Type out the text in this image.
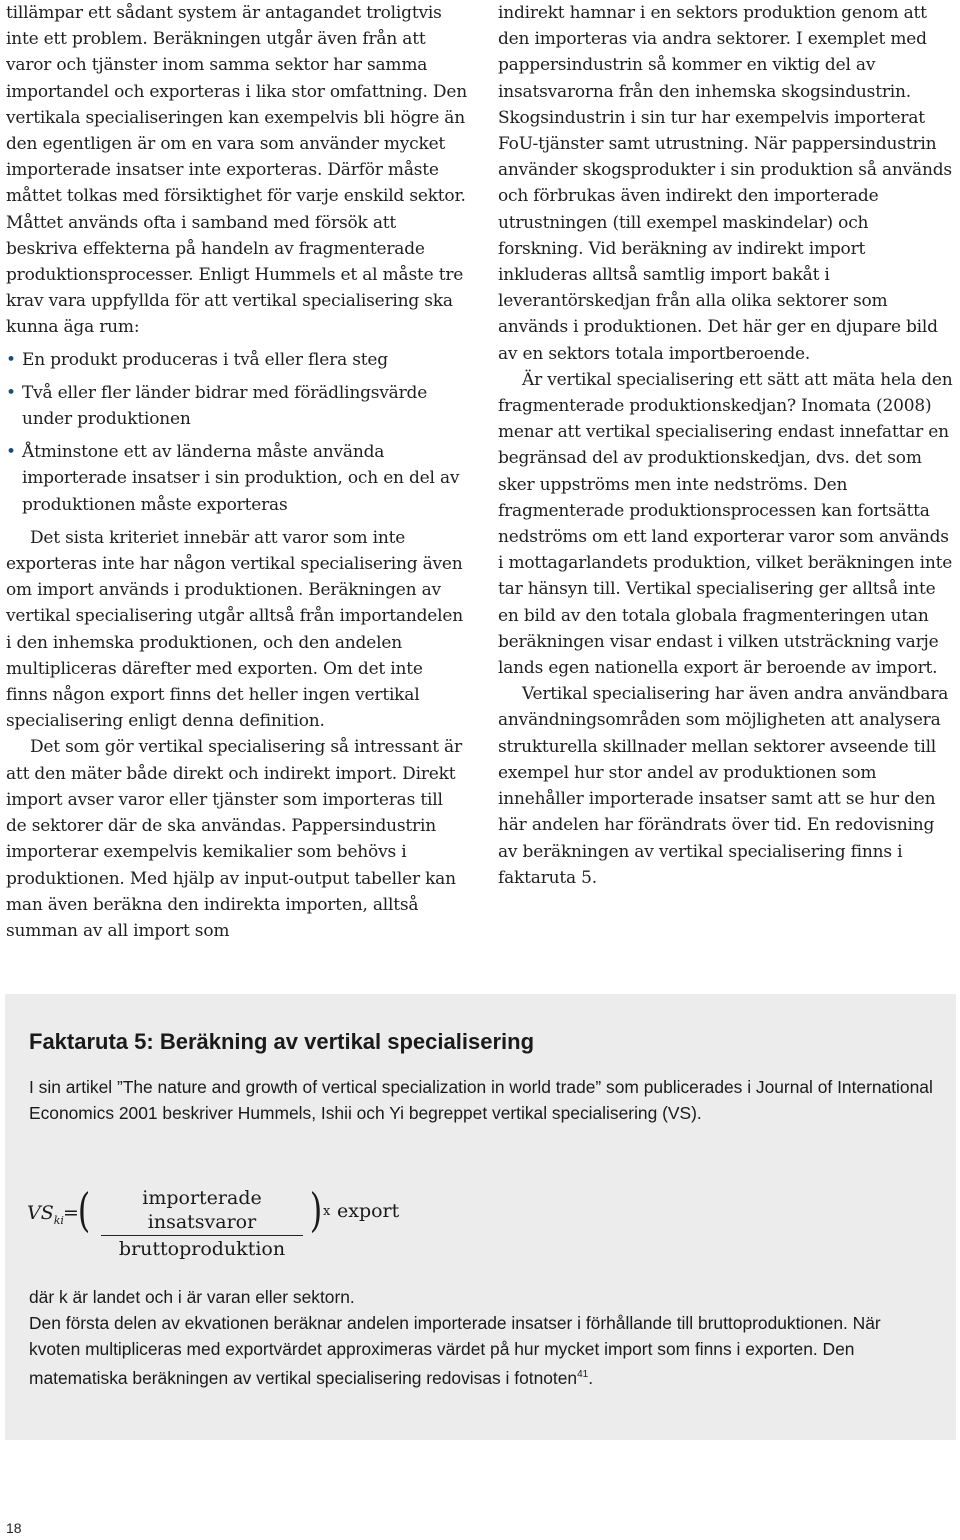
tillämpar ett sådant system är antagandet troligtvis inte ett problem. Beräkningen utgår även från att varor och tjänster inom samma sektor har samma importandel och exporteras i lika stor omfattning. Den vertikala specialiseringen kan exempelvis bli högre än den egentligen är om en vara som använder mycket importerade insatser inte exporteras. Därför måste måttet tolkas med försiktighet för varje enskild sektor. Måttet används ofta i samband med försök att beskriva effekterna på handeln av fragmenterade produktionsprocesser. Enligt Hummels et al måste tre krav vara uppfyllda för att vertikal specialisering ska kunna äga rum:

• En produkt produceras i två eller flera steg
• Två eller fler länder bidrar med förädlingsvärde under produktionen
• Åtminstone ett av länderna måste använda importerade insatser i sin produktion, och en del av produktionen måste exporteras

Det sista kriteriet innebär att varor som inte exporteras inte har någon vertikal specialisering även om import används i produktionen. Beräkningen av vertikal specialisering utgår alltså från importandelen i den inhemska produktionen, och den andelen multipliceras därefter med exporten. Om det inte finns någon export finns det heller ingen vertikal specialisering enligt denna definition.

Det som gör vertikal specialisering så intressant är att den mäter både direkt och indirekt import. Direkt import avser varor eller tjänster som importeras till de sektorer där de ska användas. Pappersindustrin importerar exempelvis kemikalier som behövs i produktionen. Med hjälp av input-output tabeller kan man även beräkna den indirekta importen, alltså summan av all import som

indirekt hamnar i en sektors produktion genom att den importeras via andra sektorer. I exemplet med pappersindustrin så kommer en viktig del av insatsvarorna från den inhemska skogsindustrin. Skogsindustrin i sin tur har exempelvis importerat FoU-tjänster samt utrustning. När pappersindustrin använder skogsprodukter i sin produktion så används och förbrukas även indirekt den importerade utrustningen (till exempel maskindelar) och forskning. Vid beräkning av indirekt import inkluderas alltså samtlig import bakåt i leverantörskedjan från alla olika sektorer som används i produktionen. Det här ger en djupare bild av en sektors totala importberoende.

Är vertikal specialisering ett sätt att mäta hela den fragmenterade produktionskedjan? Inomata (2008) menar att vertikal specialisering endast innefattar en begränsad del av produktionskedjan, dvs. det som sker uppströms men inte nedströms. Den fragmenterade produktionsprocessen kan fortsätta nedströms om ett land exporterar varor som används i mottagarlandets produktion, vilket beräkningen inte tar hänsyn till. Vertikal specialisering ger alltså inte en bild av den totala globala fragmenteringen utan beräkningen visar endast i vilken utsträckning varje lands egen nationella export är beroende av import.

Vertikal specialisering har även andra användbara användningsområden som möjligheten att analysera strukturella skillnader mellan sektorer avseende till exempel hur stor andel av produktionen som innehåller importerade insatser samt att se hur den här andelen har förändrats över tid. En redovisning av beräkningen av vertikal specialisering finns i faktaruta 5.

Faktaruta 5: Beräkning av vertikal specialisering

I sin artikel ”The nature and growth of vertical specialization in world trade” som publicerades i Journal of International Economics 2001 beskriver Hummels, Ishii och Yi begreppet vertikal specialisering (VS).

$VS_{ki}$ =
(	importerade insatsvaror
bruttoproduktion
) x export

där k är landet och i är varan eller sektorn.

Den första delen av ekvationen beräknar andelen importerade insatser i förhållande till bruttoproduktionen. När kvoten multipliceras med exportvärdet approximeras värdet på hur mycket import som finns i exporten. Den matematiska beräkningen av vertikal specialisering redovisas i fotnoten$^{41}$.

18
